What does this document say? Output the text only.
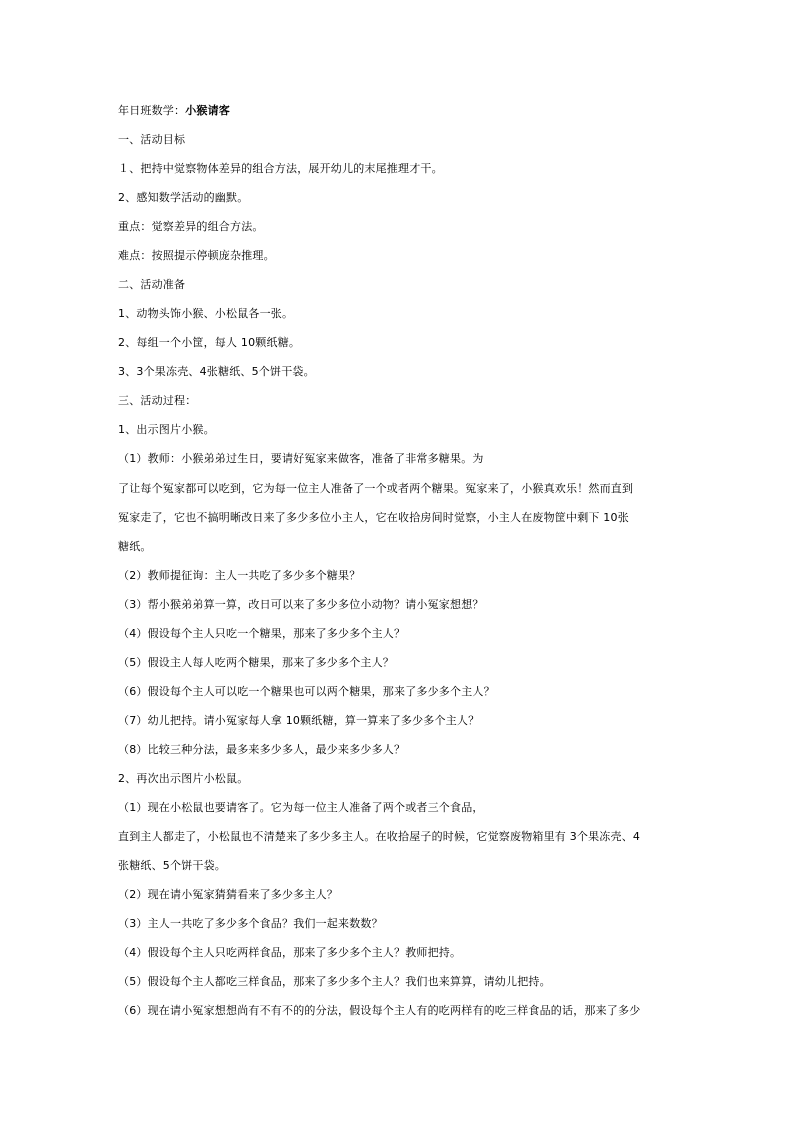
年日班数学：小猴请客
一、活动目标
１、把持中觉察物体差异的组合方法，展开幼儿的末尾推理才干。
2、感知数学活动的幽默。
重点：觉察差异的组合方法。
难点：按照提示停顿庞杂推理。
二、活动准备
1、动物头饰小猴、小松鼠各一张。
2、每组一个小筐，每人 10颗纸糖。
3、3个果冻壳、4张糖纸、5个饼干袋。
三、活动过程：
1、出示图片小猴。
（1）教师：小猴弟弟过生日，要请好冤家来做客，准备了非常多糖果。为
了让每个冤家都可以吃到，它为每一位主人准备了一个或者两个糖果。冤家来了，小猴真欢乐！然而直到
冤家走了，它也不搞明晰改日来了多少多位小主人，它在收拾房间时觉察，小主人在废物筐中剩下 10张
糖纸。
（2）教师提征询：主人一共吃了多少多个糖果？
（3）帮小猴弟弟算一算，改日可以来了多少多位小动物？请小冤家想想？
（4）假设每个主人只吃一个糖果，那来了多少多个主人？
（5）假设主人每人吃两个糖果，那来了多少多个主人？
（6）假设每个主人可以吃一个糖果也可以两个糖果，那来了多少多个主人？
（7）幼儿把持。请小冤家每人拿 10颗纸糖，算一算来了多少多个主人？
（8）比较三种分法，最多来多少多人，最少来多少多人？
2、再次出示图片小松鼠。
（1）现在小松鼠也要请客了。它为每一位主人准备了两个或者三个食品，
直到主人都走了，小松鼠也不清楚来了多少多主人。在收拾屋子的时候，它觉察废物箱里有 3个果冻壳、4
张糖纸、5个饼干袋。
（2）现在请小冤家猜猜看来了多少多主人？
（3）主人一共吃了多少多个食品？我们一起来数数？
（4）假设每个主人只吃两样食品，那来了多少多个主人？教师把持。
（5）假设每个主人都吃三样食品，那来了多少多个主人？我们也来算算，请幼儿把持。
（6）现在请小冤家想想尚有不有不的的分法，假设每个主人有的吃两样有的吃三样食品的话，那来了多少
